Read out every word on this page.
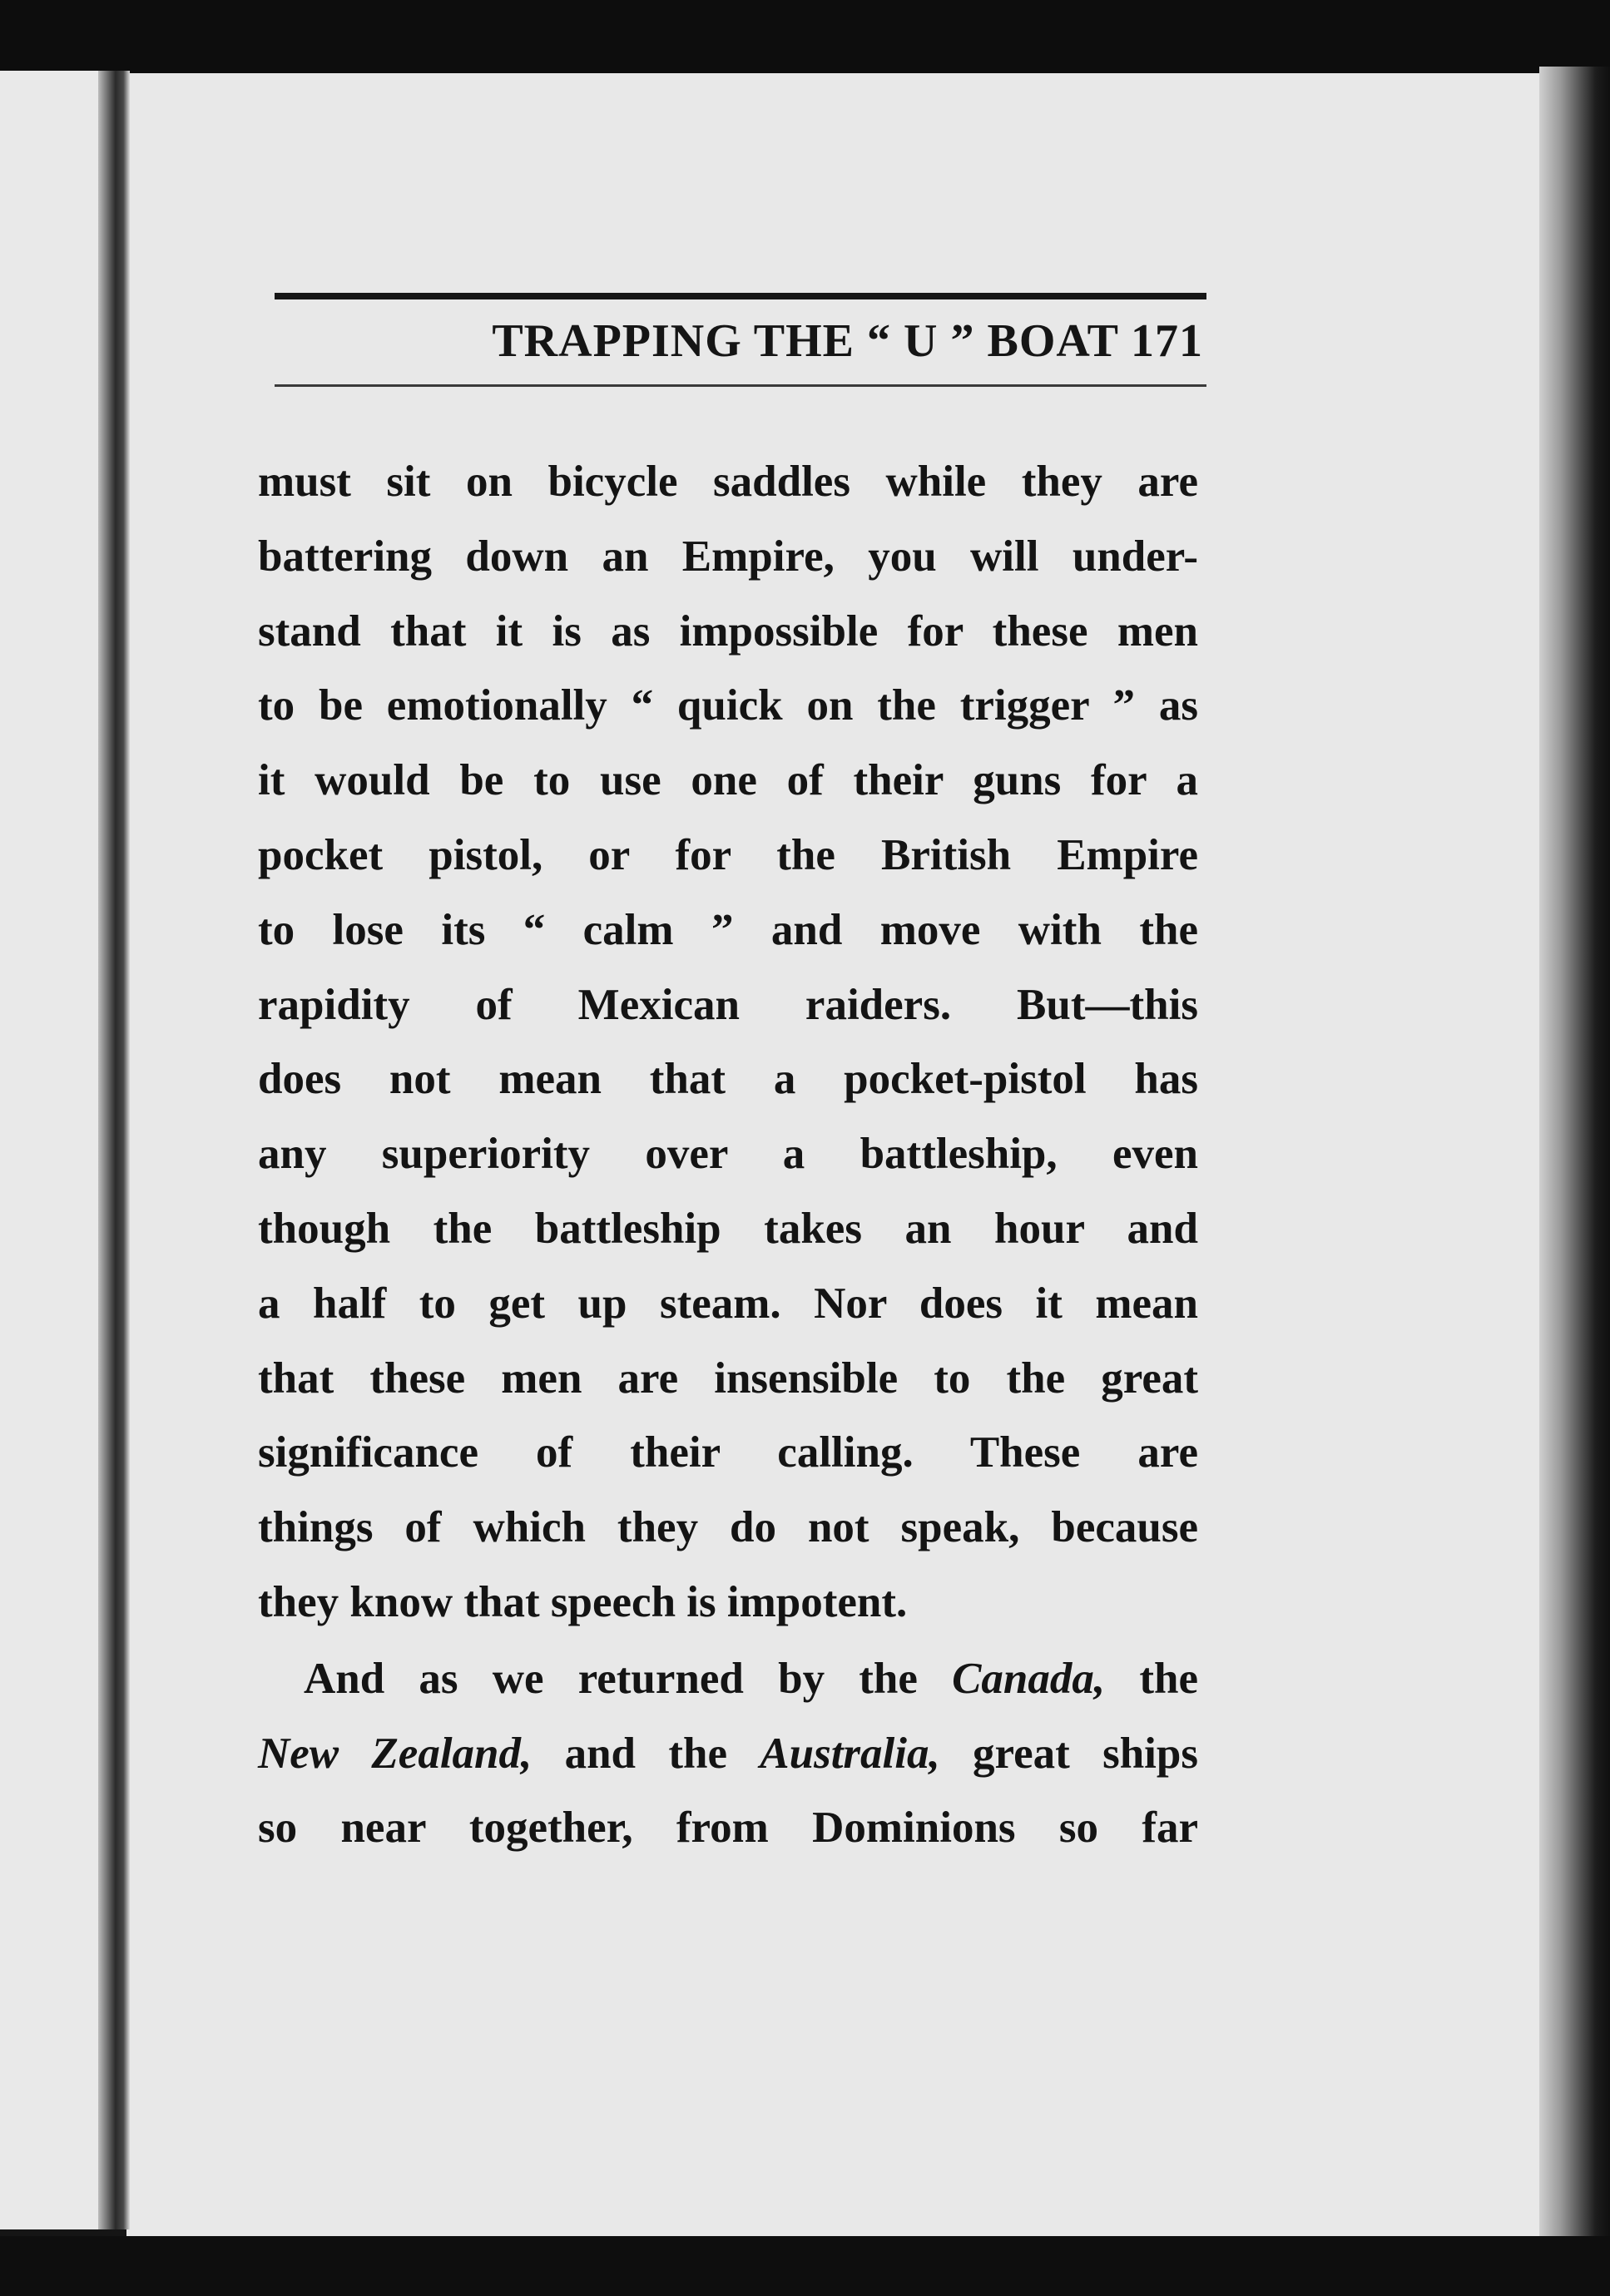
TRAPPING THE “ U ” BOAT 171
must sit on bicycle saddles while they are
battering down an Empire, you will under-
stand that it is as impossible for these men
to be emotionally “ quick on the trigger ” as
it would be to use one of their guns for a
pocket pistol, or for the British Empire
to lose its “ calm ” and move with the
rapidity of Mexican raiders. But—this
does not mean that a pocket-pistol has
any superiority over a battleship, even
though the battleship takes an hour and
a half to get up steam. Nor does it mean
that these men are insensible to the great
significance of their calling. These are
things of which they do not speak, because
they know that speech is impotent.
And as we returned by the Canada, the
New Zealand, and the Australia, great ships
so near together, from Dominions so far
